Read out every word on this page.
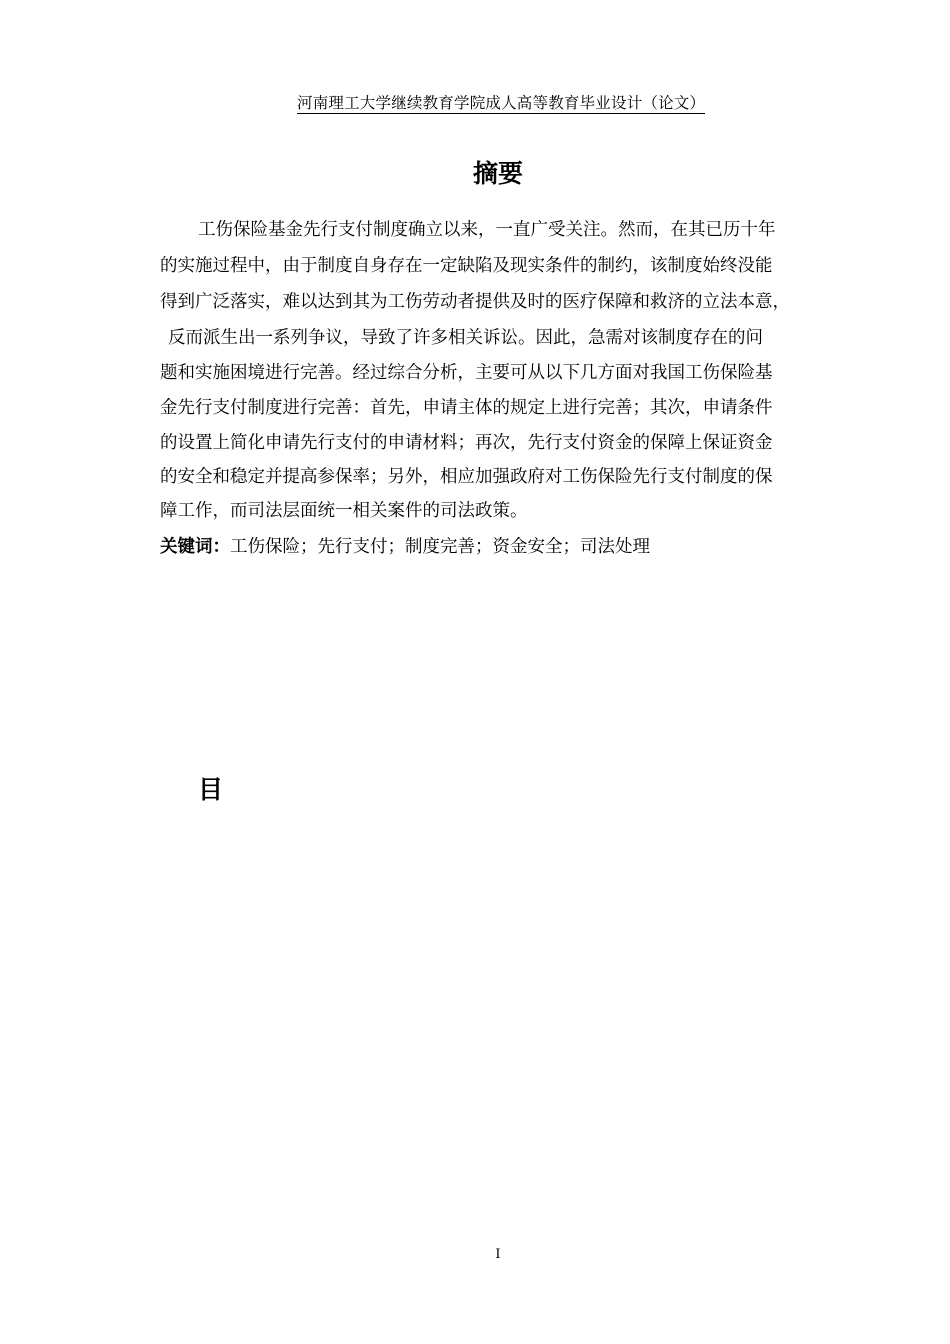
河南理工大学继续教育学院成人高等教育毕业设计（论文）
摘要
工伤保险基金先行支付制度确立以来，一直广受关注。然而，在其已历十年
的实施过程中，由于制度自身存在一定缺陷及现实条件的制约，该制度始终没能
得到广泛落实，难以达到其为工伤劳动者提供及时的医疗保障和救济的立法本意，
反而派生出一系列争议，导致了许多相关诉讼。因此，急需对该制度存在的问
题和实施困境进行完善。经过综合分析，主要可从以下几方面对我国工伤保险基
金先行支付制度进行完善：首先，申请主体的规定上进行完善；其次，申请条件
的设置上简化申请先行支付的申请材料；再次，先行支付资金的保障上保证资金
的安全和稳定并提高参保率；另外，相应加强政府对工伤保险先行支付制度的保
障工作，而司法层面统一相关案件的司法政策。
关键词：工伤保险；先行支付；制度完善；资金安全；司法处理
目
I
